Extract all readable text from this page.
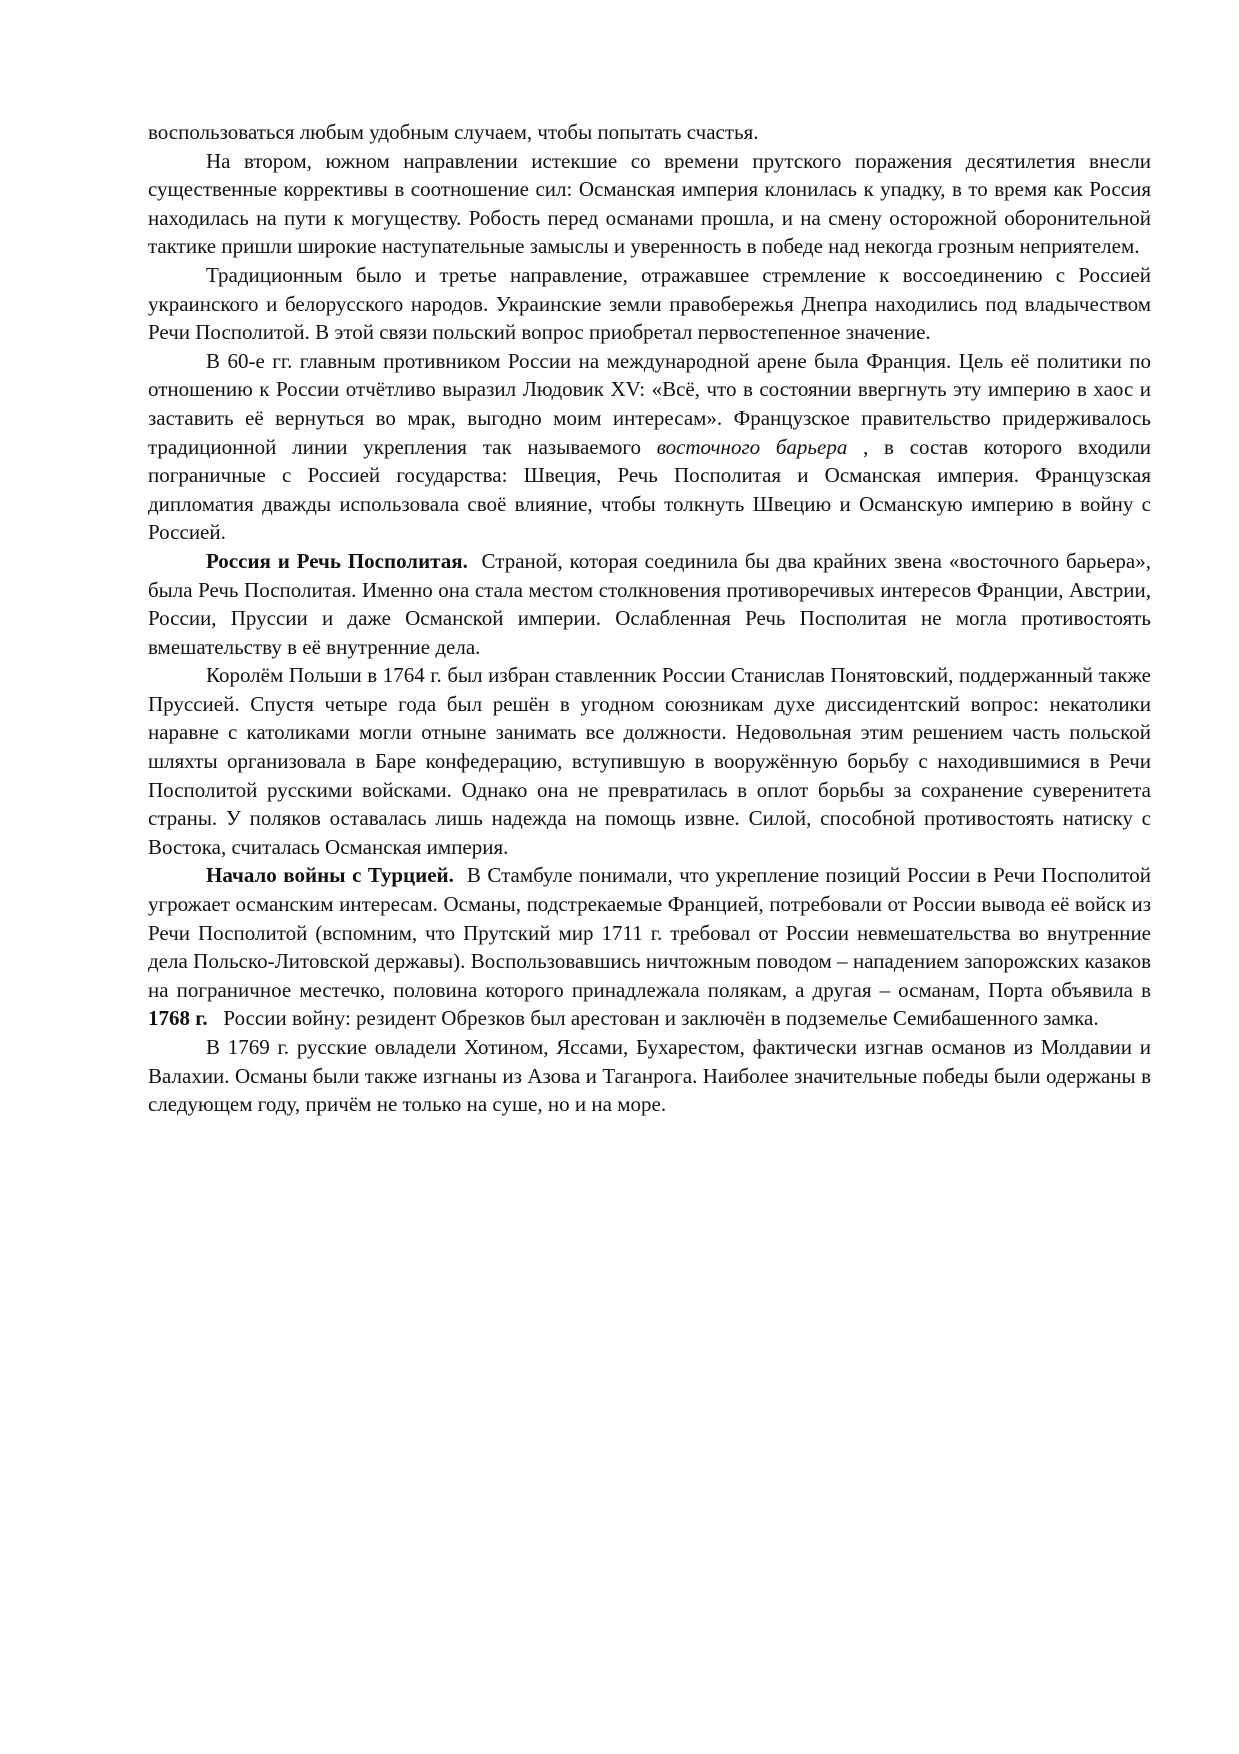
воспользоваться любым удобным случаем, чтобы попытать счастья.

На втором, южном направлении истекшие со времени прутского поражения десятилетия внесли существенные коррективы в соотношение сил: Османская империя клонилась к упадку, в то время как Россия находилась на пути к могуществу. Робость перед османами прошла, и на смену осторожной оборонительной тактике пришли широкие наступательные замыслы и уверенность в победе над некогда грозным неприятелем.

Традиционным было и третье направление, отражавшее стремление к воссоединению с Россией украинского и белорусского народов. Украинские земли правобережья Днепра находились под владычеством Речи Посполитой. В этой связи польский вопрос приобретал первостепенное значение.

В 60-е гг. главным противником России на международной арене была Франция. Цель её политики по отношению к России отчётливо выразил Людовик XV: «Всё, что в состоянии ввергнуть эту империю в хаос и заставить её вернуться во мрак, выгодно моим интересам». Французское правительство придерживалось традиционной линии укрепления так называемого восточного барьера , в состав которого входили пограничные с Россией государства: Швеция, Речь Посполитая и Османская империя. Французская дипломатия дважды использовала своё влияние, чтобы толкнуть Швецию и Османскую империю в войну с Россией.

Россия и Речь Посполитая. Страной, которая соединила бы два крайних звена «восточного барьера», была Речь Посполитая. Именно она стала местом столкновения противоречивых интересов Франции, Австрии, России, Пруссии и даже Османской империи. Ослабленная Речь Посполитая не могла противостоять вмешательству в её внутренние дела.

Королём Польши в 1764 г. был избран ставленник России Станислав Понятовский, поддержанный также Пруссией. Спустя четыре года был решён в угодном союзникам духе диссидентский вопрос: некатолики наравне с католиками могли отныне занимать все должности. Недовольная этим решением часть польской шляхты организовала в Баре конфедерацию, вступившую в вооружённую борьбу с находившимися в Речи Посполитой русскими войсками. Однако она не превратилась в оплот борьбы за сохранение суверенитета страны. У поляков оставалась лишь надежда на помощь извне. Силой, способной противостоять натиску с Востока, считалась Османская империя.

Начало войны с Турцией. В Стамбуле понимали, что укрепление позиций России в Речи Посполитой угрожает османским интересам. Османы, подстрекаемые Францией, потребовали от России вывода её войск из Речи Посполитой (вспомним, что Прутский мир 1711 г. требовал от России невмешательства во внутренние дела Польско-Литовской державы). Воспользовавшись ничтожным поводом – нападением запорожских казаков на пограничное местечко, половина которого принадлежала полякам, а другая – османам, Порта объявила в 1768 г. России войну: резидент Обрезков был арестован и заключён в подземелье Семибашенного замка.

В 1769 г. русские овладели Хотином, Яссами, Бухарестом, фактически изгнав османов из Молдавии и Валахии. Османы были также изгнаны из Азова и Таганрога. Наиболее значительные победы были одержаны в следующем году, причём не только на суше, но и на море.
